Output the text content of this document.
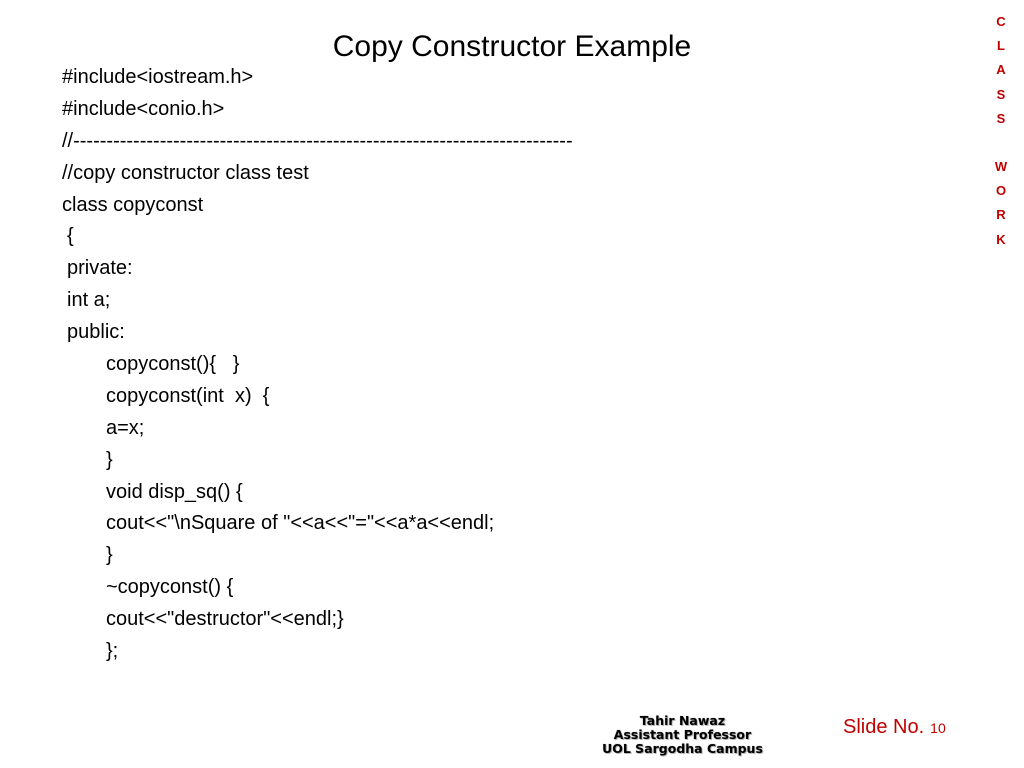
Copy Constructor Example
#include<iostream.h>
#include<conio.h>
//---------------------------------------------------------------------------
//copy constructor class test
class copyconst
{
private:
int a;
public:
copyconst(){   }
copyconst(int  x)  {
a=x;
}
void disp_sq() {
cout<<"\nSquare of "<<a<<"="<<a*a<<endl;
}
~copyconst() {
cout<<"destructor"<<endl;}
};
C
L
A
S
S
W
O
R
K
Tahir Nawaz
Assistant Professor
UOL Sargodha Campus
Slide No. 10
